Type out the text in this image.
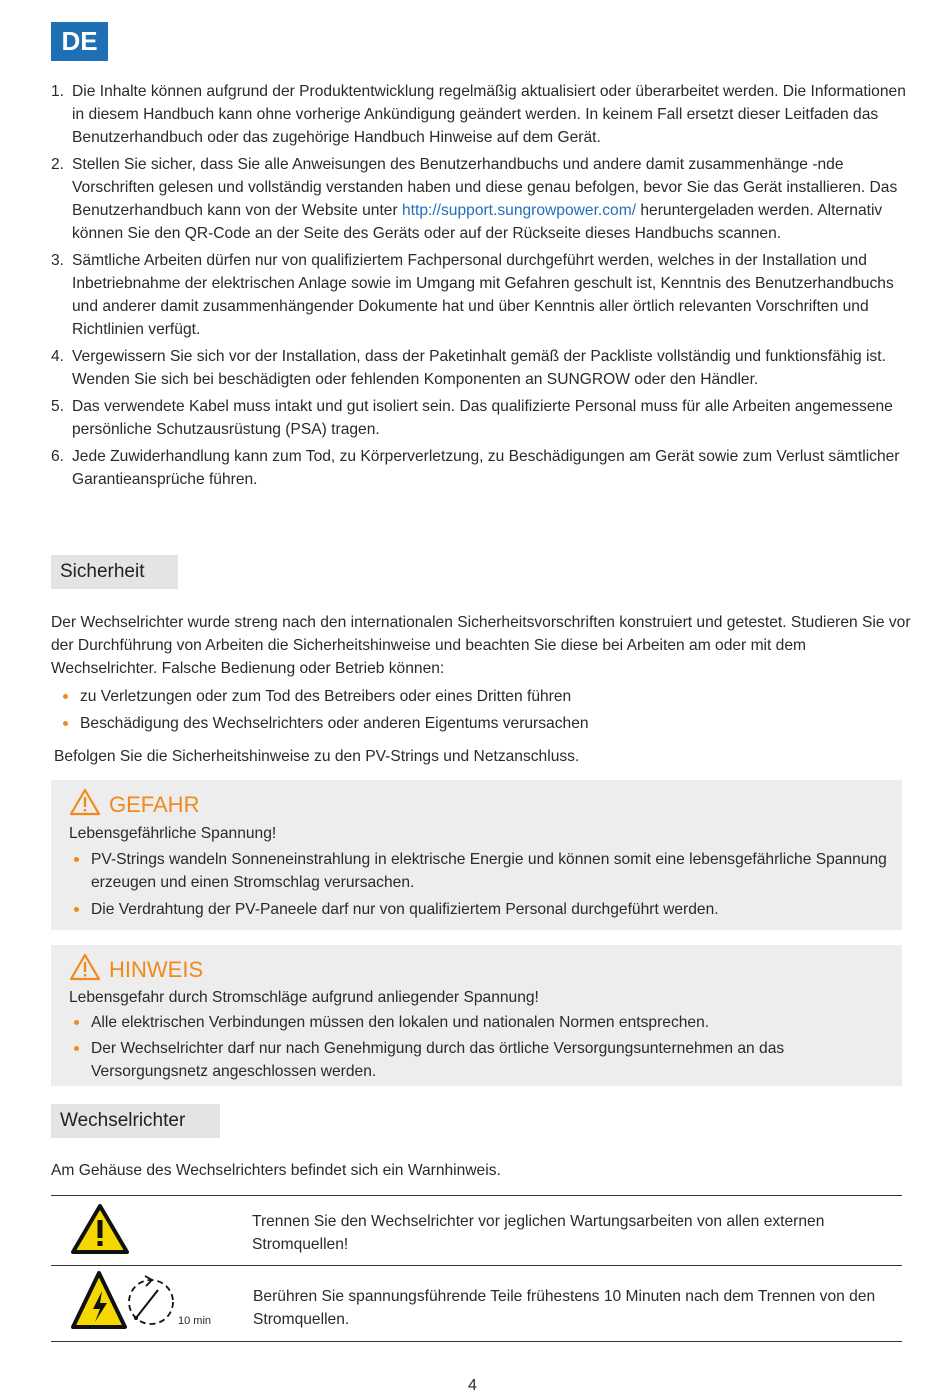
DE
1. Die Inhalte können aufgrund der Produktentwicklung regelmäßig aktualisiert oder überarbeitet werden. Die Informationen in diesem Handbuch kann ohne vorherige Ankündigung geändert werden. In keinem Fall ersetzt dieser Leitfaden das Benutzerhandbuch oder das zugehörige Handbuch Hinweise auf dem Gerät.
2. Stellen Sie sicher, dass Sie alle Anweisungen des Benutzerhandbuchs und andere damit zusammenhänge -nde Vorschriften gelesen und vollständig verstanden haben und diese genau befolgen, bevor Sie das Gerät installieren. Das Benutzerhandbuch kann von der Website unter http://support.sungrowpower.com/ heruntergeladen werden. Alternativ können Sie den QR-Code an der Seite des Geräts oder auf der Rückseite dieses Handbuchs scannen.
3. Sämtliche Arbeiten dürfen nur von qualifiziertem Fachpersonal durchgeführt werden, welches in der Installation und Inbetriebnahme der elektrischen Anlage sowie im Umgang mit Gefahren geschult ist, Kenntnis des Benutzerhandbuchs und anderer damit zusammenhängender Dokumente hat und über Kenntnis aller örtlich relevanten Vorschriften und Richtlinien verfügt.
4. Vergewissern Sie sich vor der Installation, dass der Paketinhalt gemäß der Packliste vollständig und funktionsfähig ist. Wenden Sie sich bei beschädigten oder fehlenden Komponenten an SUNGROW oder den Händler.
5. Das verwendete Kabel muss intakt und gut isoliert sein. Das qualifizierte Personal muss für alle Arbeiten angemessene persönliche Schutzausrüstung (PSA) tragen.
6. Jede Zuwiderhandlung kann zum Tod, zu Körperverletzung, zu Beschädigungen am Gerät sowie zum Verlust sämtlicher Garantieansprüche führen.
Sicherheit
Der Wechselrichter wurde streng nach den internationalen Sicherheitsvorschriften konstruiert und getestet. Studieren Sie vor der Durchführung von Arbeiten die Sicherheitshinweise und beachten Sie diese bei Arbeiten am oder mit dem Wechselrichter. Falsche Bedienung oder Betrieb können:
zu Verletzungen oder zum Tod des Betreibers oder eines Dritten führen
Beschädigung des Wechselrichters oder anderen Eigentums verursachen
Befolgen Sie die Sicherheitshinweise zu den PV-Strings und Netzanschluss.
GEFAHR
Lebensgefährliche Spannung!
PV-Strings wandeln Sonneneinstrahlung in elektrische Energie und können somit eine lebensgefährliche Spannung erzeugen und einen Stromschlag verursachen.
Die Verdrahtung der PV-Paneele darf nur von qualifiziertem Personal durchgeführt werden.
HINWEIS
Lebensgefahr durch Stromschläge aufgrund anliegender Spannung!
Alle elektrischen Verbindungen müssen den lokalen und nationalen Normen entsprechen.
Der Wechselrichter darf nur nach Genehmigung durch das örtliche Versorgungsunternehmen an das Versorgungsnetz angeschlossen werden.
Wechselrichter
Am Gehäuse des Wechselrichters befindet sich ein Warnhinweis.
Trennen Sie den Wechselrichter vor jeglichen Wartungsarbeiten von allen externen Stromquellen!
10 min
Berühren Sie spannungsführende Teile frühestens 10 Minuten nach dem Trennen von den Stromquellen.
4
